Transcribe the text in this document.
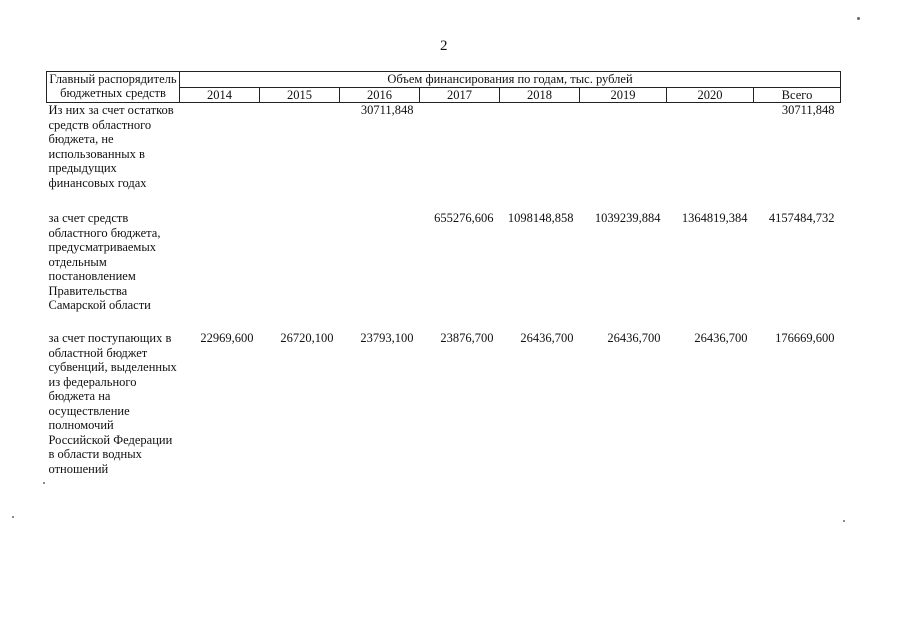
2
Главный распорядитель бюджетных средств	Объем финансирования по годам, тыс. рублей							
	2014	2015	2016	2017	2018	2019	2020	Всего
Из них за счет остатков средств областного бюджета, не использованных в предыдущих финансовых годах			30711,848					30711,848
за счет средств областного бюджета, предусматриваемых отдельным постановлением Правительства Самарской области				655276,606	1098148,858	1039239,884	1364819,384	4157484,732
за счет поступающих в областной бюджет субвенций, выделенных из федерального бюджета на осуществление полномочий Российской Федерации в области водных отношений	22969,600	26720,100	23793,100	23876,700	26436,700	26436,700	26436,700	176669,600
